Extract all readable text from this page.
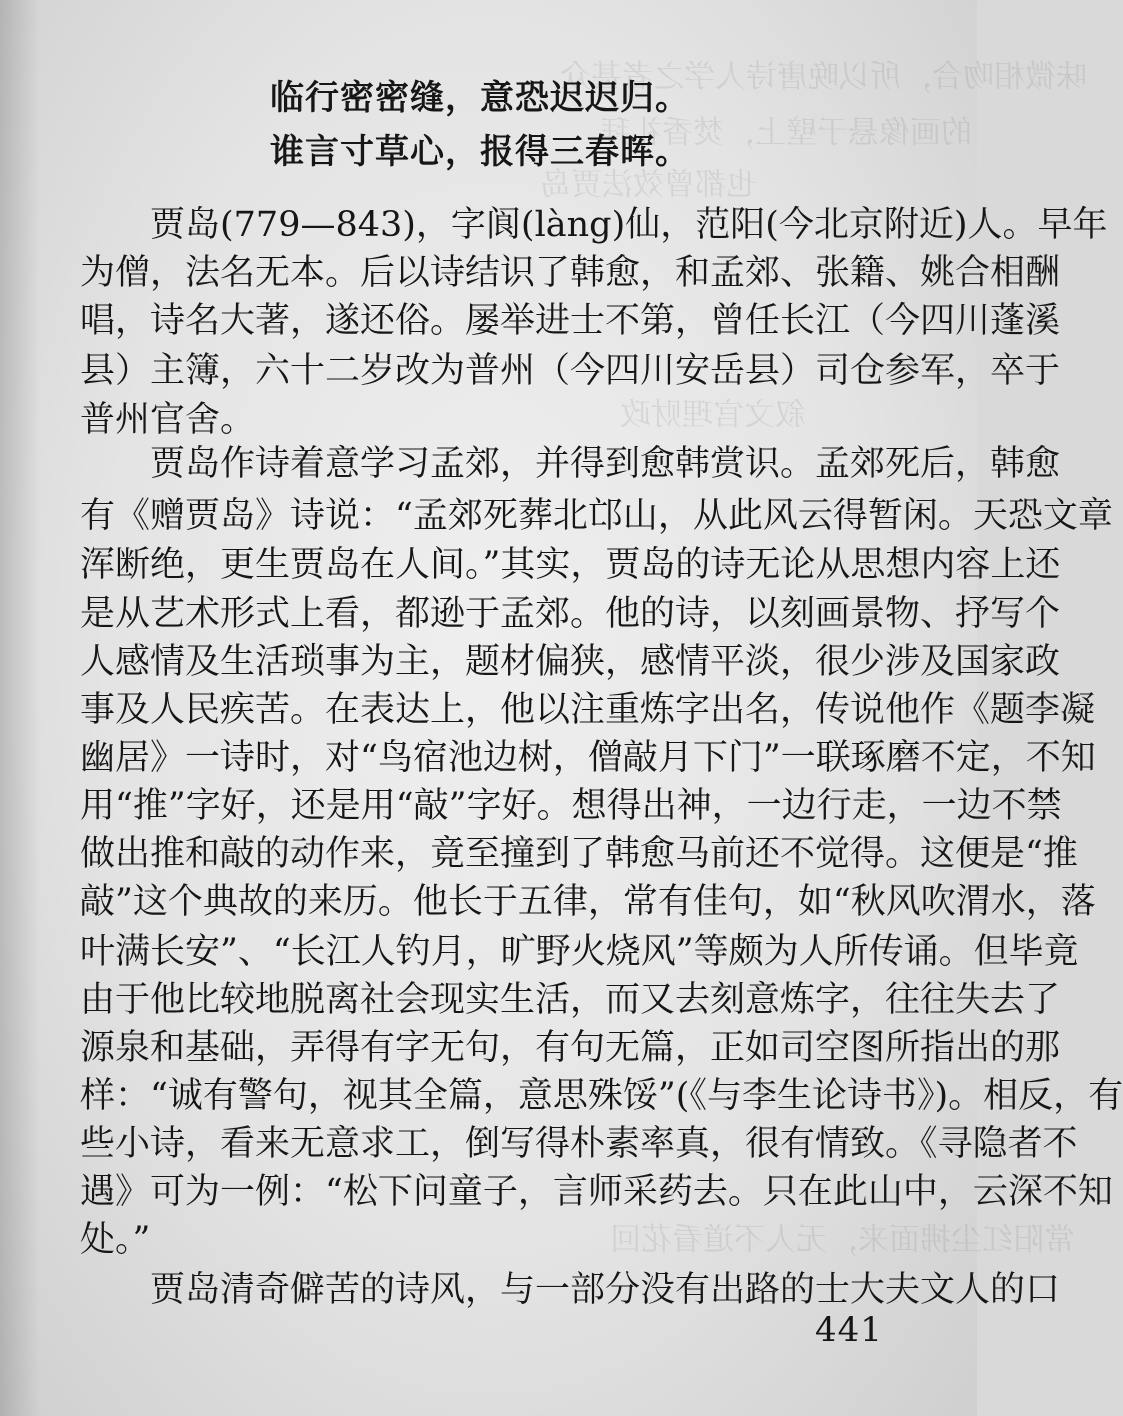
味微相吻合，所以晚唐诗人学之者甚众
的画像悬于壁上，焚香礼拜
也都曾效法贾岛
叙文官理财政
常阳红尘拂面来，无人不道看花回
临行密密缝，意恐迟迟归。
谁言寸草心，报得三春晖。
　　贾岛(779—843)，字阆(làng)仙，范阳(今北京附近)人。早年
为僧，法名无本。后以诗结识了韩愈，和孟郊、张籍、姚合相酬
唱，诗名大著，遂还俗。屡举进士不第，曾任长江（今四川蓬溪
县）主簿，六十二岁改为普州（今四川安岳县）司仓参军，卒于
普州官舍。
　　贾岛作诗着意学习孟郊，并得到愈韩赏识。孟郊死后，韩愈
有《赠贾岛》诗说：“孟郊死葬北邙山，从此风云得暂闲。天恐文章
浑断绝，更生贾岛在人间。”其实，贾岛的诗无论从思想内容上还
是从艺术形式上看，都逊于孟郊。他的诗，以刻画景物、抒写个
人感情及生活琐事为主，题材偏狭，感情平淡，很少涉及国家政
事及人民疾苦。在表达上，他以注重炼字出名，传说他作《题李凝
幽居》一诗时，对“鸟宿池边树，僧敲月下门”一联琢磨不定，不知
用“推”字好，还是用“敲”字好。想得出神，一边行走，一边不禁
做出推和敲的动作来，竟至撞到了韩愈马前还不觉得。这便是“推
敲”这个典故的来历。他长于五律，常有佳句，如“秋风吹渭水，落
叶满长安”、“长江人钓月，旷野火烧风”等颇为人所传诵。但毕竟
由于他比较地脱离社会现实生活，而又去刻意炼字，往往失去了
源泉和基础，弄得有字无句，有句无篇，正如司空图所指出的那
样：“诚有警句，视其全篇，意思殊馁”(《与李生论诗书》)。相反，有
些小诗，看来无意求工，倒写得朴素率真，很有情致。《寻隐者不
遇》可为一例：“松下问童子，言师采药去。只在此山中，云深不知
处。”
　　贾岛清奇僻苦的诗风，与一部分没有出路的士大夫文人的口
441
